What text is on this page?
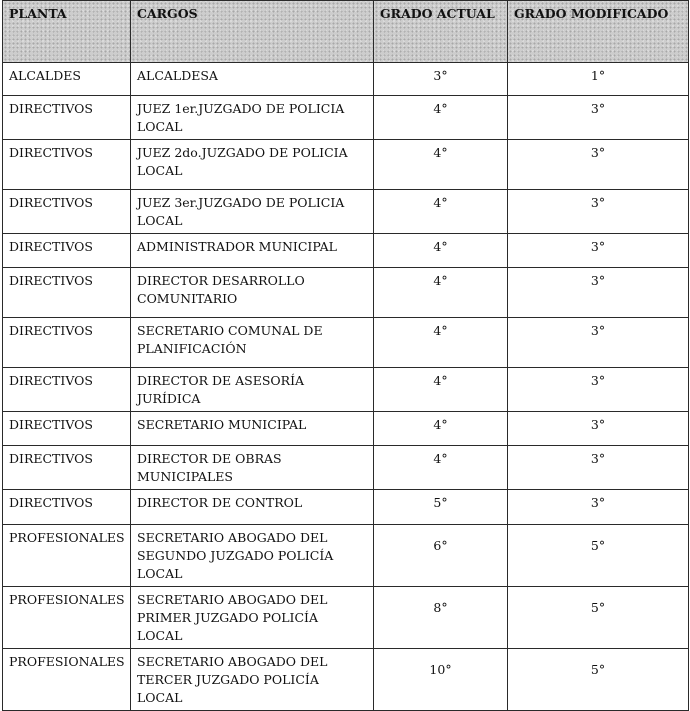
PLANTA	CARGOS	GRADO ACTUAL	GRADO MODIFICADO
ALCALDES	ALCALDESA	3°	1°
DIRECTIVOS	JUEZ 1er.JUZGADO DE POLICIA LOCAL	4°	3°
DIRECTIVOS	JUEZ 2do.JUZGADO DE POLICIA LOCAL	4°	3°
DIRECTIVOS	JUEZ 3er.JUZGADO DE POLICIA LOCAL	4°	3°
DIRECTIVOS	ADMINISTRADOR MUNICIPAL	4°	3°
DIRECTIVOS	DIRECTOR DESARROLLO COMUNITARIO	4°	3°
DIRECTIVOS	SECRETARIO COMUNAL DE PLANIFICACIÓN	4°	3°
DIRECTIVOS	DIRECTOR DE ASESORÍA JURÍDICA	4°	3°
DIRECTIVOS	SECRETARIO MUNICIPAL	4°	3°
DIRECTIVOS	DIRECTOR DE OBRAS MUNICIPALES	4°	3°
DIRECTIVOS	DIRECTOR DE CONTROL	5°	3°
PROFESIONALES	SECRETARIO ABOGADO DEL SEGUNDO JUZGADO POLICÍA LOCAL	6°	5°
PROFESIONALES	SECRETARIO ABOGADO DEL PRIMER JUZGADO POLICÍA LOCAL	8°	5°
PROFESIONALES	SECRETARIO ABOGADO DEL TERCER JUZGADO POLICÍA LOCAL	10°	5°
